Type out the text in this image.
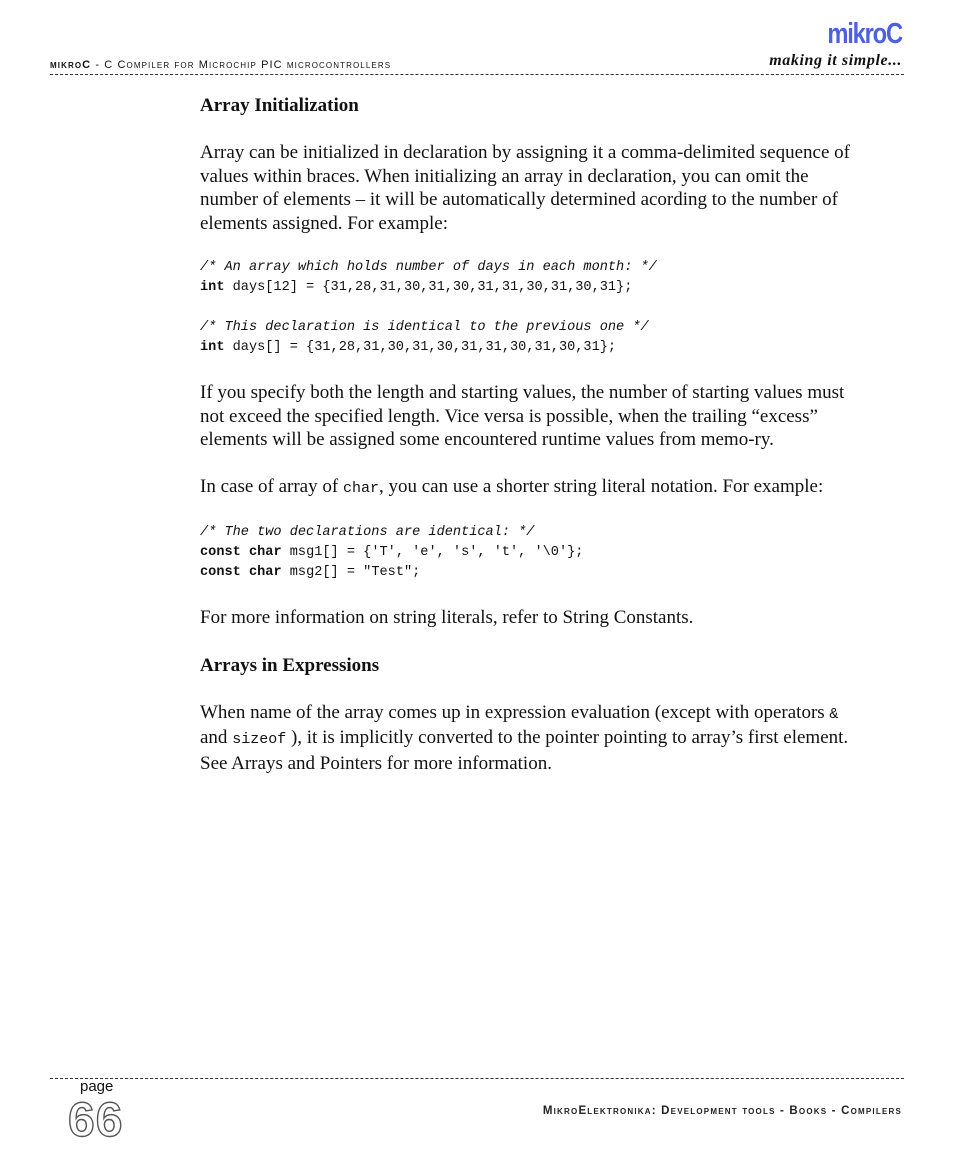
mikroC - C Compiler for Microchip PIC microcontrollers
mikroC
making it simple...

Array Initialization

Array can be initialized in declaration by assigning it a comma-delimited sequence of values within braces. When initializing an array in declaration, you can omit the number of elements – it will be automatically determined acording to the number of elements assigned. For example:

/* An array which holds number of days in each month: */
int days[12] = {31,28,31,30,31,30,31,31,30,31,30,31};

/* This declaration is identical to the previous one */
int days[] = {31,28,31,30,31,30,31,31,30,31,30,31};

If you specify both the length and starting values, the number of starting values must not exceed the specified length. Vice versa is possible, when the trailing “excess” elements will be assigned some encountered runtime values from memo-ry.

In case of array of char, you can use a shorter string literal notation. For example:

/* The two declarations are identical: */
const char msg1[] = {'T', 'e', 's', 't', '\0'};
const char msg2[] = "Test";

For more information on string literals, refer to String Constants.

Arrays in Expressions

When name of the array comes up in expression evaluation (except with operators & and sizeof ), it is implicitly converted to the pointer pointing to array’s first element. See Arrays and Pointers for more information.

page
66	MikroElektronika: Development tools - Books - Compilers
